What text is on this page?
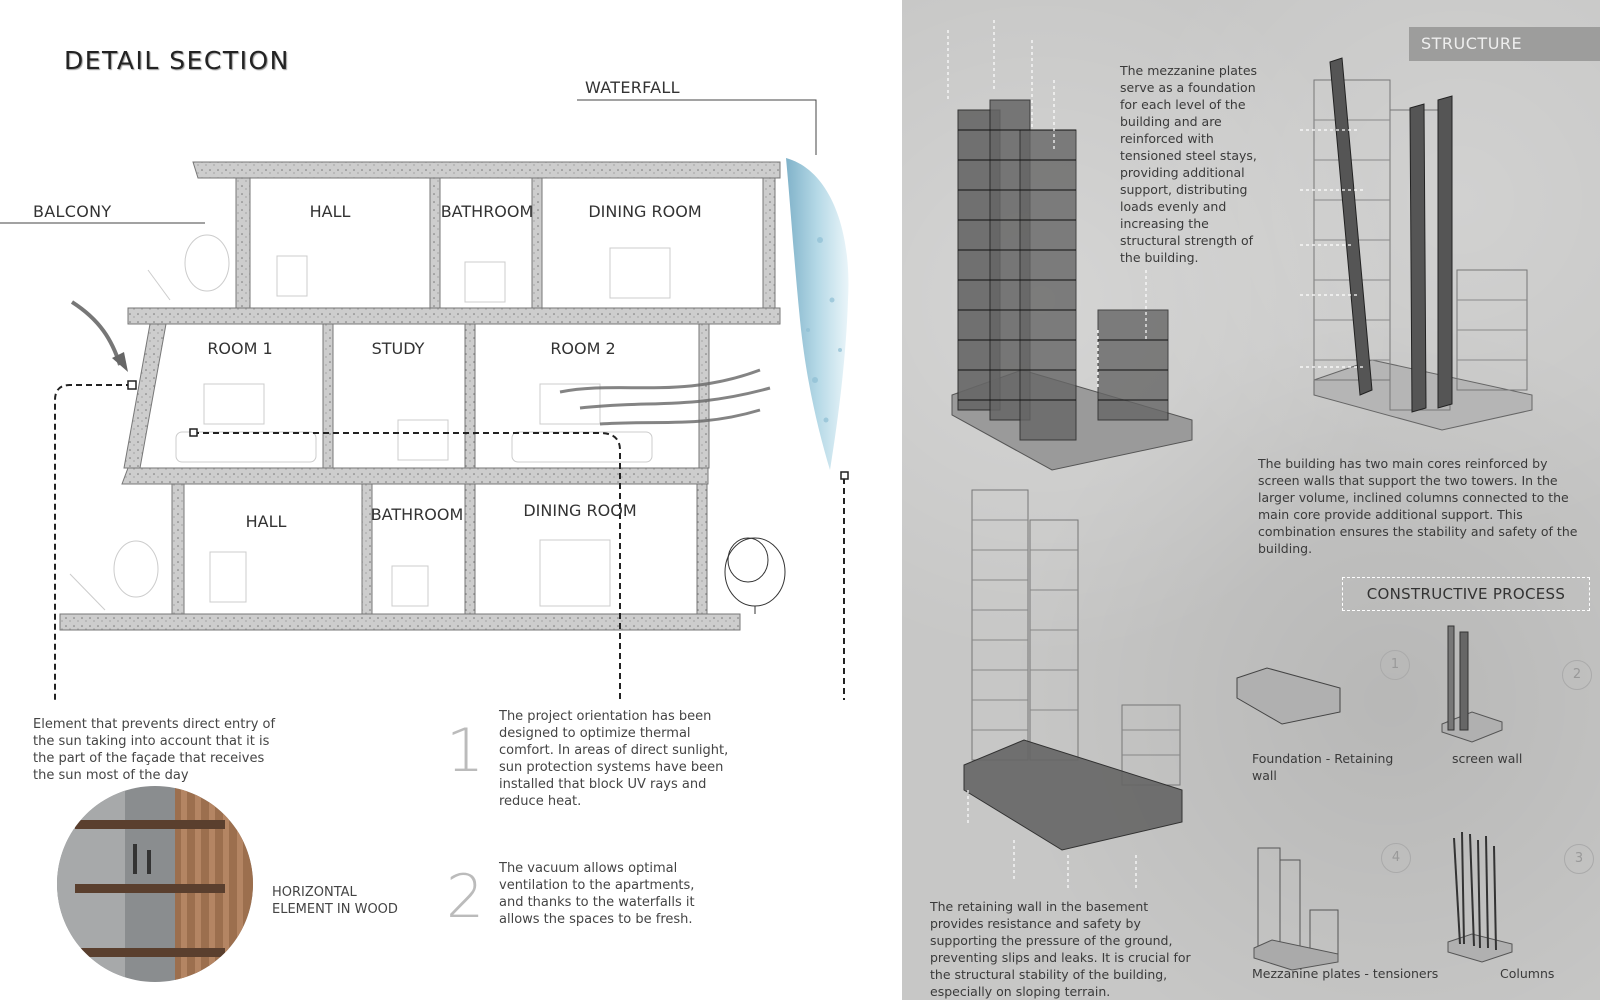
DETAIL SECTION
WATERFALL
BALCONY	HALL	BATHROOM	DINING ROOM
ROOM 1	STUDY	ROOM 2
HALL	BATHROOM	DINING ROOM
Element that prevents direct entry of the sun taking into account that it is the part of the façade that receives the sun most of the day
HORIZONTAL ELEMENT IN WOOD
1 The project orientation has been designed to optimize thermal comfort. In areas of direct sunlight, sun protection systems have been installed that block UV rays and reduce heat.
2 The vacuum allows optimal ventilation to the apartments, and thanks to the waterfalls it allows the spaces to be fresh.
STRUCTURE
The mezzanine plates serve as a foundation for each level of the building and are reinforced with tensioned steel stays, providing additional support, distributing loads evenly and increasing the structural strength of the building.
The building has two main cores reinforced by screen walls that support the two towers. In the larger volume, inclined columns connected to the main core provide additional support. This combination ensures the stability and safety of the building.
The retaining wall in the basement provides resistance and safety by supporting the pressure of the ground, preventing slips and leaks. It is crucial for the structural stability of the building, especially on sloping terrain.
CONSTRUCTIVE PROCESS
1
2
3
4
Foundation - Retaining wall
screen wall
Columns
Mezzanine plates - tensioners
